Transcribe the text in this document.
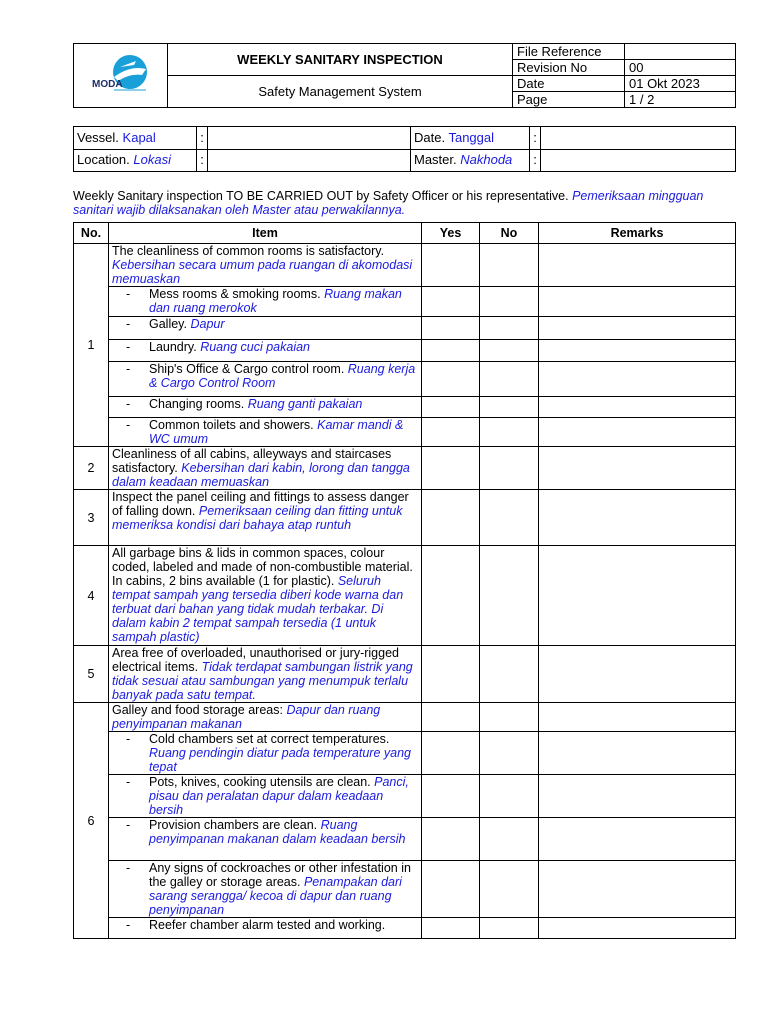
MODA	WEEKLY SANITARY INSPECTION	File Reference	
		Revision No	00
	Safety Management System	Date	01 Okt 2023
		Page	1 / 2
Vessel. Kapal	:		Date. Tanggal	:	
Location. Lokasi	:		Master. Nakhoda	:	
Weekly Sanitary inspection TO BE CARRIED OUT by Safety Officer or his representative. Pemeriksaan mingguan sanitari wajib dilaksanakan oleh Master atau perwakilannya.
No.	Item	Yes	No	Remarks
1	The cleanliness of common rooms is satisfactory. Kebersihan secara umum pada ruangan di akomodasi memuaskan			

	- Mess rooms & smoking rooms. Ruang makan dan ruang merokok			

	- Galley. Dapur			

	- Laundry. Ruang cuci pakaian			

	- Ship's Office & Cargo control room. Ruang kerja & Cargo Control Room			

	- Changing rooms. Ruang ganti pakaian			

	- Common toilets and showers. Kamar mandi & WC umum			
2	Cleanliness of all cabins, alleyways and staircases satisfactory. Kebersihan dari kabin, lorong dan tangga dalam keadaan memuaskan			
3	Inspect the panel ceiling and fittings to assess danger of falling down. Pemeriksaan ceiling dan fitting untuk memeriksa kondisi dari bahaya atap runtuh			
4	All garbage bins & lids in common spaces, colour coded, labeled and made of non-combustible material. In cabins, 2 bins available (1 for plastic). Seluruh tempat sampah yang tersedia diberi kode warna dan terbuat dari bahan yang tidak mudah terbakar. Di dalam kabin 2 tempat sampah tersedia (1 untuk sampah plastic)			
5	Area free of overloaded, unauthorised or jury-rigged electrical items. Tidak terdapat sambungan listrik yang tidak sesuai atau sambungan yang menumpuk terlalu banyak pada satu tempat.			
6	Galley and food storage areas: Dapur dan ruang penyimpanan makanan			

	- Cold chambers set at correct temperatures. Ruang pendingin diatur pada temperature yang tepat			

	- Pots, knives, cooking utensils are clean. Panci, pisau dan peralatan dapur dalam keadaan bersih			

	- Provision chambers are clean. Ruang penyimpanan makanan dalam keadaan bersih			

	- Any signs of cockroaches or other infestation in the galley or storage areas. Penampakan dari sarang serangga/ kecoa di dapur dan ruang penyimpanan			

	- Reefer chamber alarm tested and working.			
